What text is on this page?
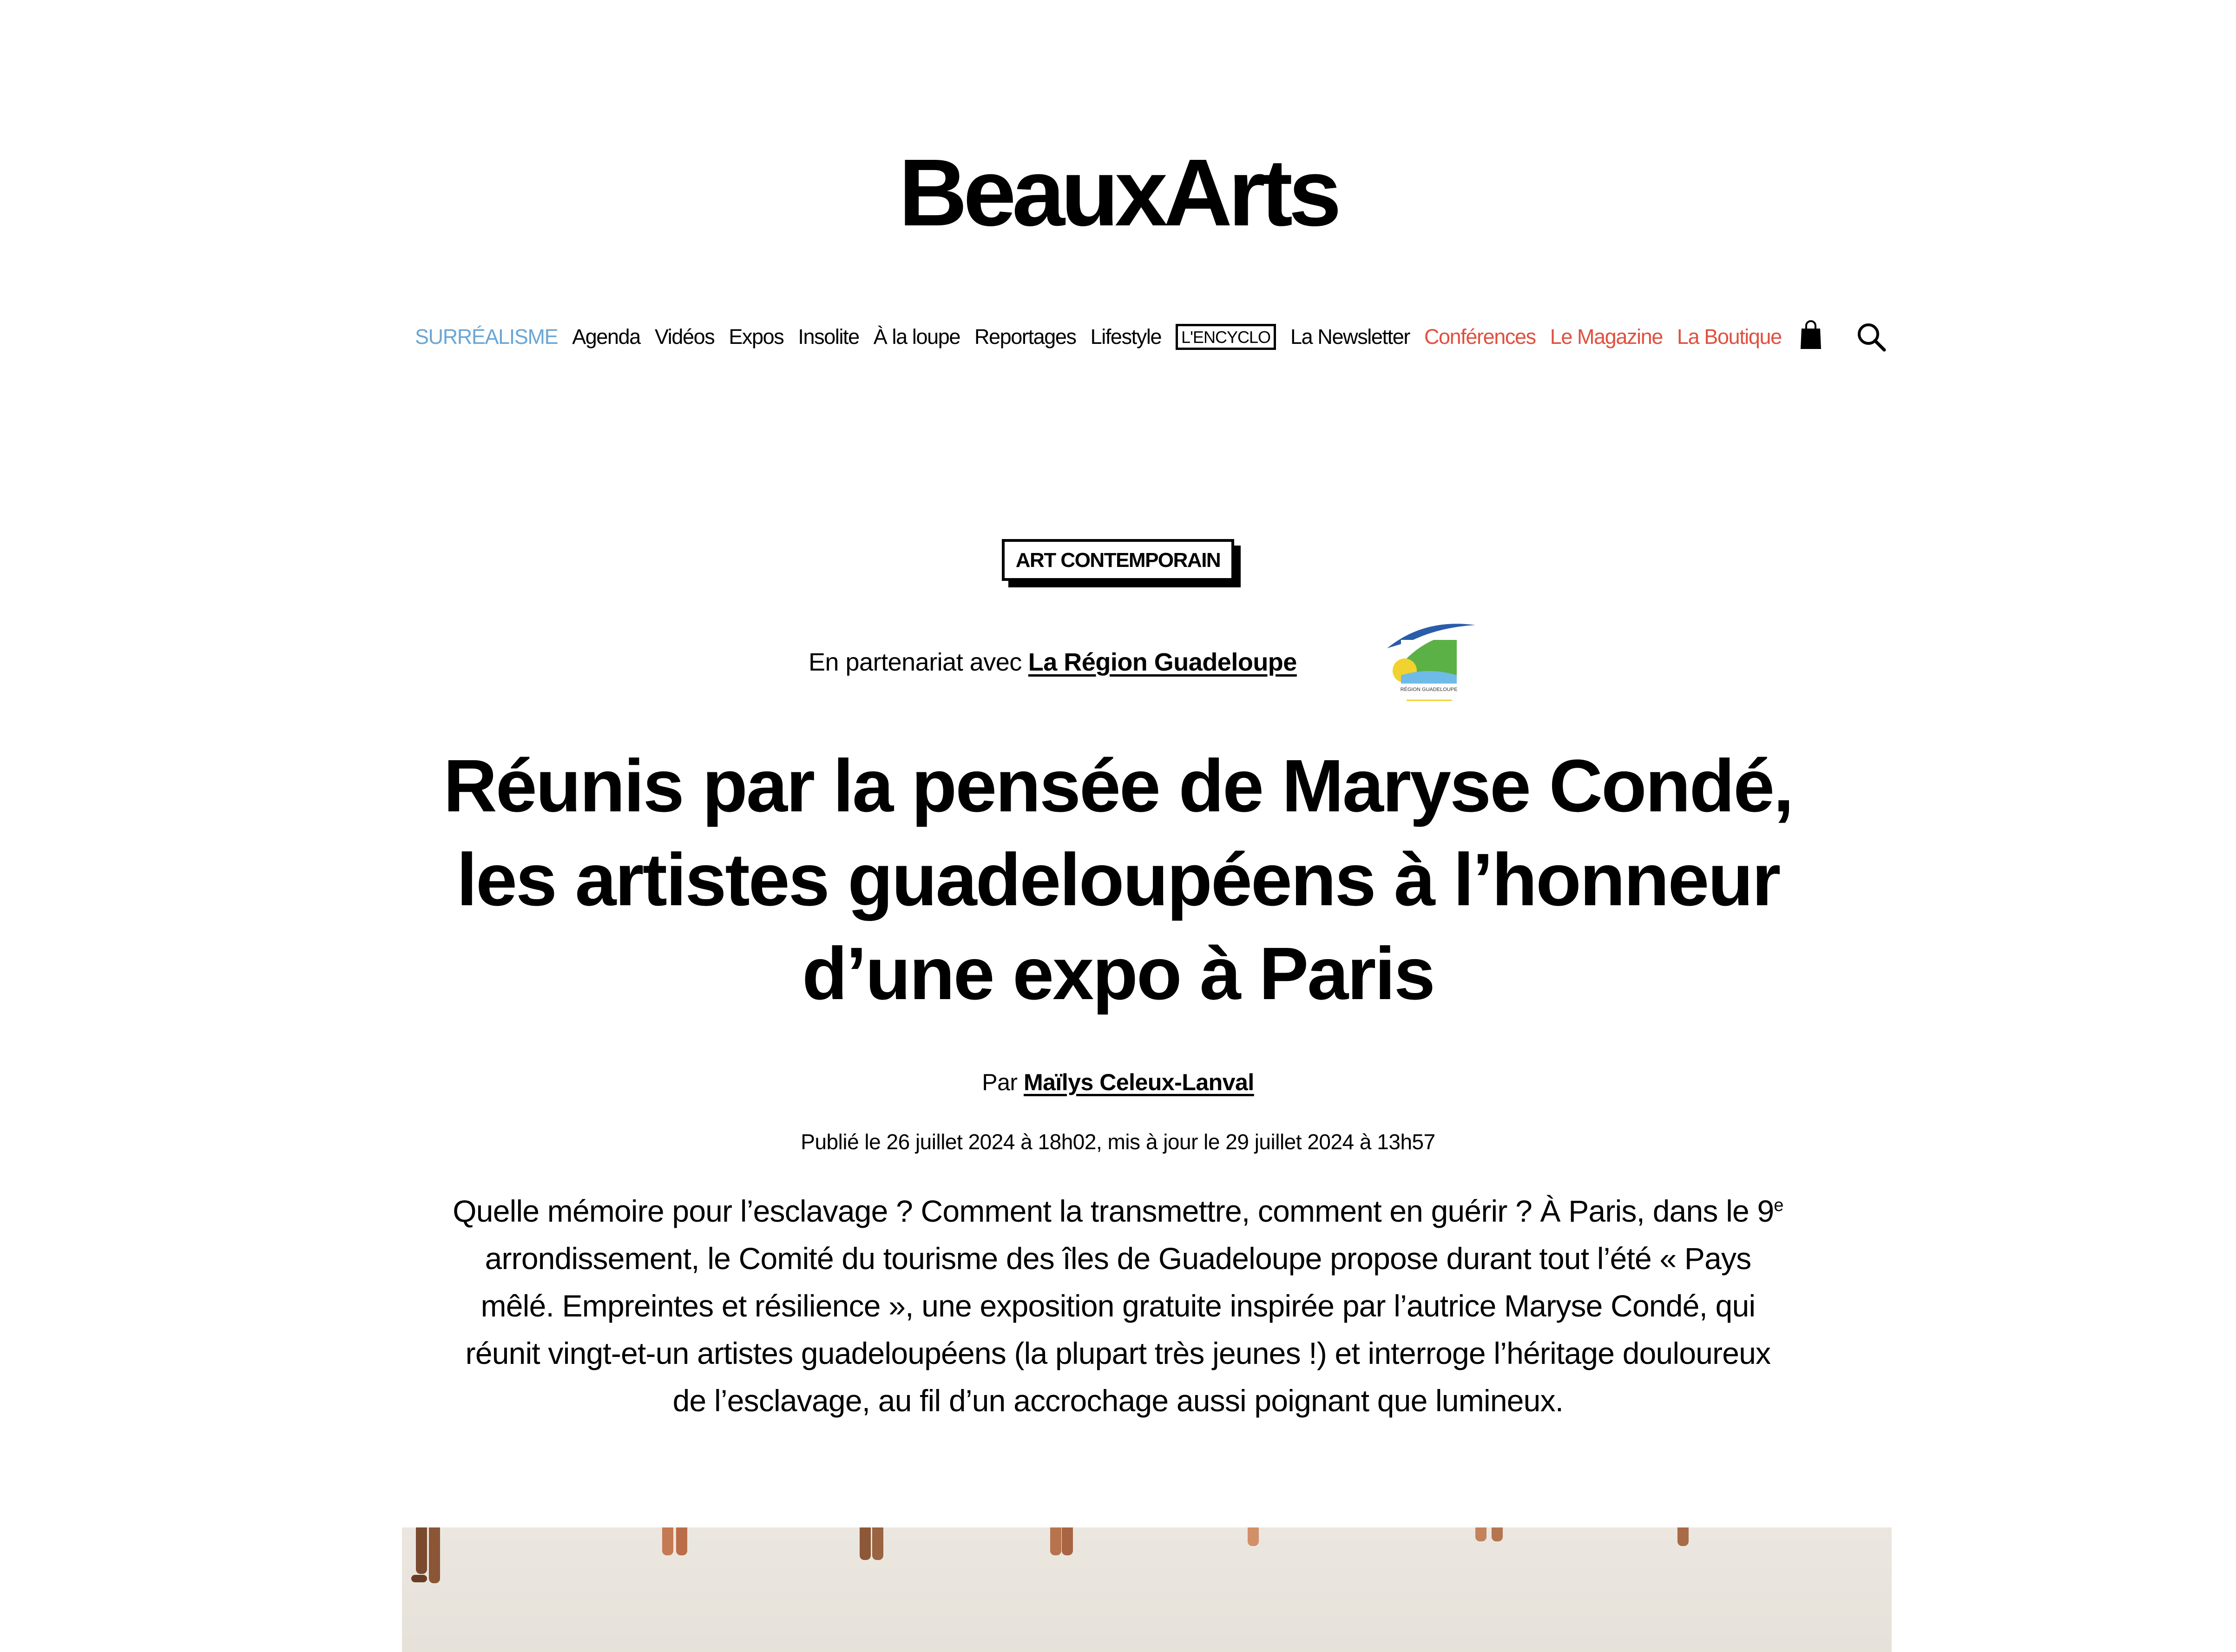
BeauxArts
SURRÉALISME Agenda Vidéos Expos Insolite À la loupe Reportages Lifestyle	L'ENCYCLO La Newsletter Conférences Le Magazine La Boutique
ART CONTEMPORAIN
En partenariat avec La Région Guadeloupe
RÉGION GUADELOUPE
Réunis par la pensée de Maryse Condé, les artistes guadeloupéens à l’honneur d’une expo à Paris
Par Maïlys Celeux-Lanval
Publié le 26 juillet 2024 à 18h02, mis à jour le 29 juillet 2024 à 13h57

Quelle mémoire pour l’esclavage ? Comment la transmettre, comment en guérir ? À Paris, dans le 9e arrondissement, le Comité du tourisme des îles de Guadeloupe propose durant tout l’été « Pays mêlé. Empreintes et résilience », une exposition gratuite inspirée par l’autrice Maryse Condé, qui réunit vingt-et-un artistes guadeloupéens (la plupart très jeunes !) et interroge l’héritage douloureux de l’esclavage, au fil d’un accrochage aussi poignant que lumineux.
